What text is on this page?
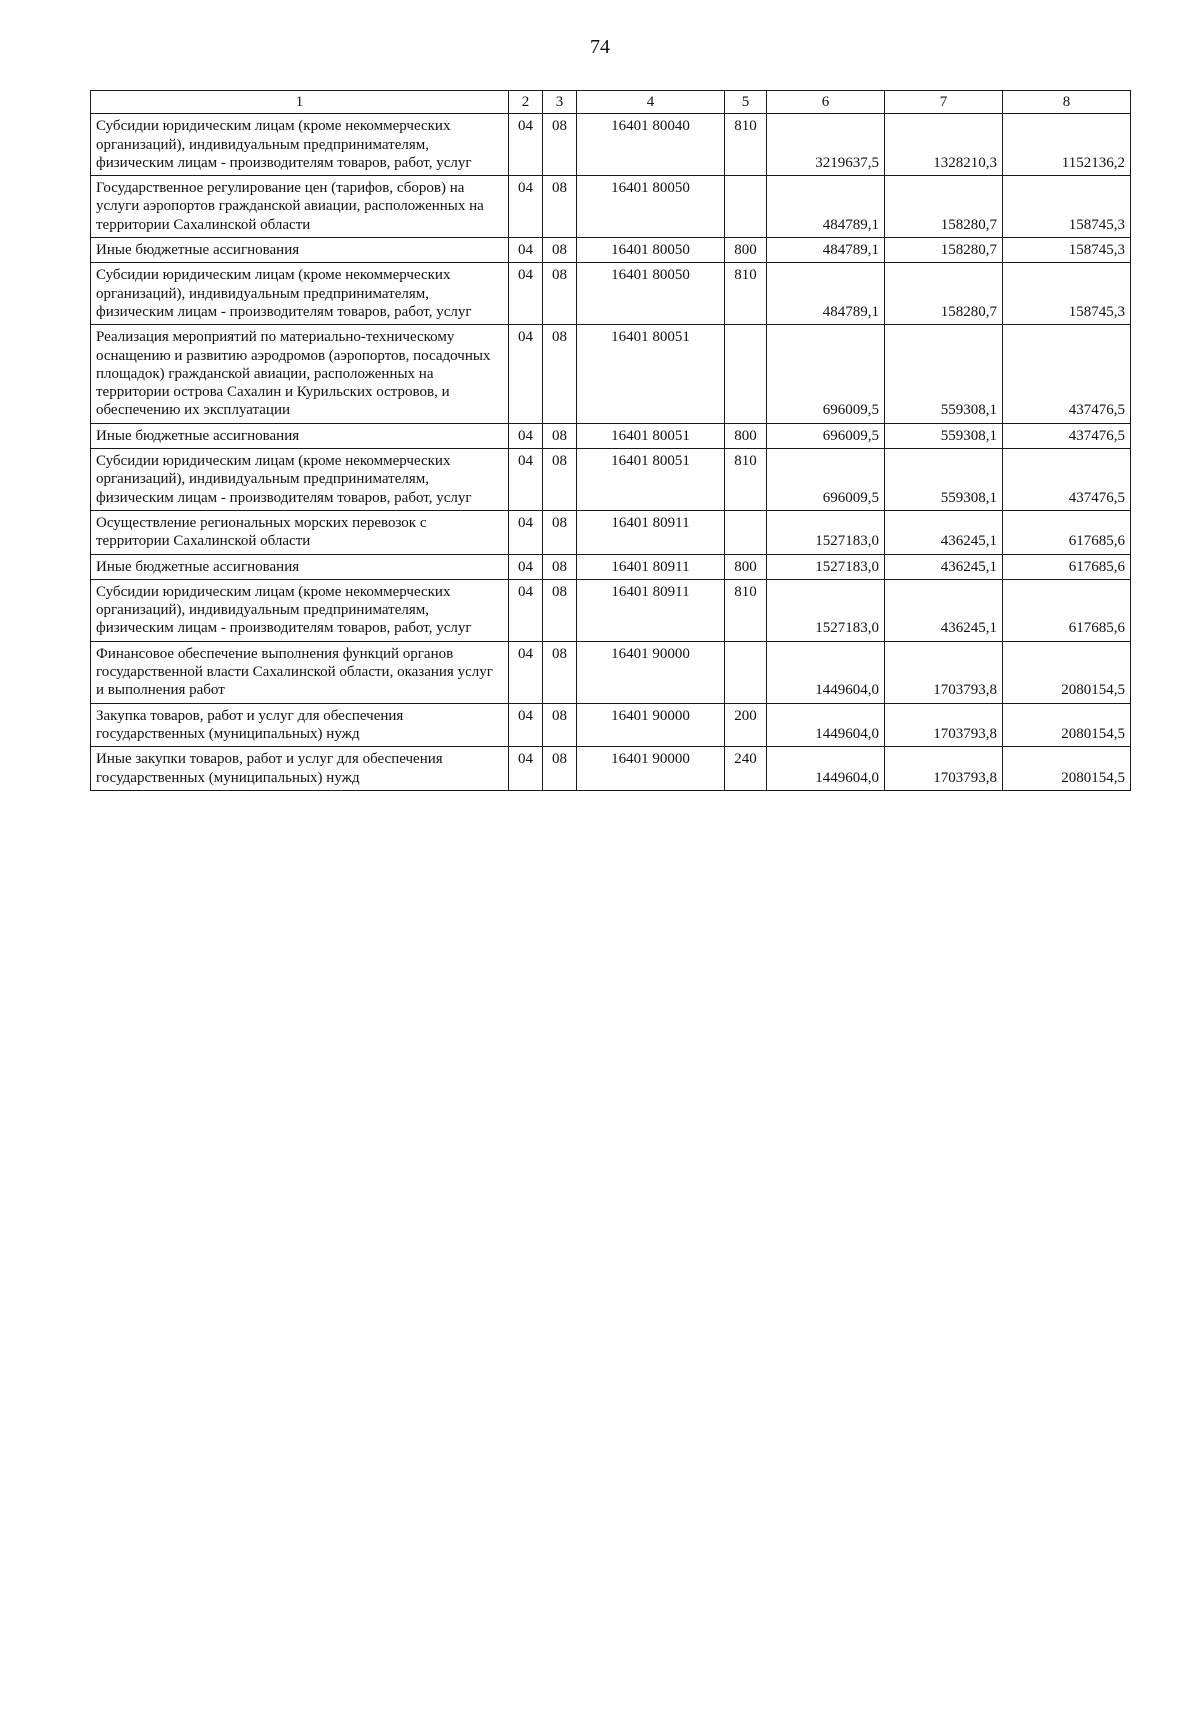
74
1	2	3	4	5	6	7	8
Субсидии юридическим лицам (кроме некоммерческих организаций), индивидуальным предпринимателям, физическим лицам - производителям товаров, работ, услуг	04	08	16401 80040	810	3219637,5	1328210,3	1152136,2
Государственное регулирование цен (тарифов, сборов) на услуги аэропортов гражданской авиации, расположенных на территории Сахалинской области	04	08	16401 80050		484789,1	158280,7	158745,3
Иные бюджетные ассигнования	04	08	16401 80050	800	484789,1	158280,7	158745,3
Субсидии юридическим лицам (кроме некоммерческих организаций), индивидуальным предпринимателям, физическим лицам - производителям товаров, работ, услуг	04	08	16401 80050	810	484789,1	158280,7	158745,3
Реализация мероприятий по материально-техническому оснащению и развитию аэродромов (аэропортов, посадочных площадок) гражданской авиации, расположенных на территории острова Сахалин и Курильских островов, и обеспечению их эксплуатации	04	08	16401 80051		696009,5	559308,1	437476,5
Иные бюджетные ассигнования	04	08	16401 80051	800	696009,5	559308,1	437476,5
Субсидии юридическим лицам (кроме некоммерческих организаций), индивидуальным предпринимателям, физическим лицам - производителям товаров, работ, услуг	04	08	16401 80051	810	696009,5	559308,1	437476,5
Осуществление региональных морских перевозок с территории Сахалинской области	04	08	16401 80911		1527183,0	436245,1	617685,6
Иные бюджетные ассигнования	04	08	16401 80911	800	1527183,0	436245,1	617685,6
Субсидии юридическим лицам (кроме некоммерческих организаций), индивидуальным предпринимателям, физическим лицам - производителям товаров, работ, услуг	04	08	16401 80911	810	1527183,0	436245,1	617685,6
Финансовое обеспечение выполнения функций органов государственной власти Сахалинской области, оказания услуг и выполнения работ	04	08	16401 90000		1449604,0	1703793,8	2080154,5
Закупка товаров, работ и услуг для обеспечения государственных (муниципальных) нужд	04	08	16401 90000	200	1449604,0	1703793,8	2080154,5
Иные закупки товаров, работ и услуг для обеспечения государственных (муниципальных) нужд	04	08	16401 90000	240	1449604,0	1703793,8	2080154,5
